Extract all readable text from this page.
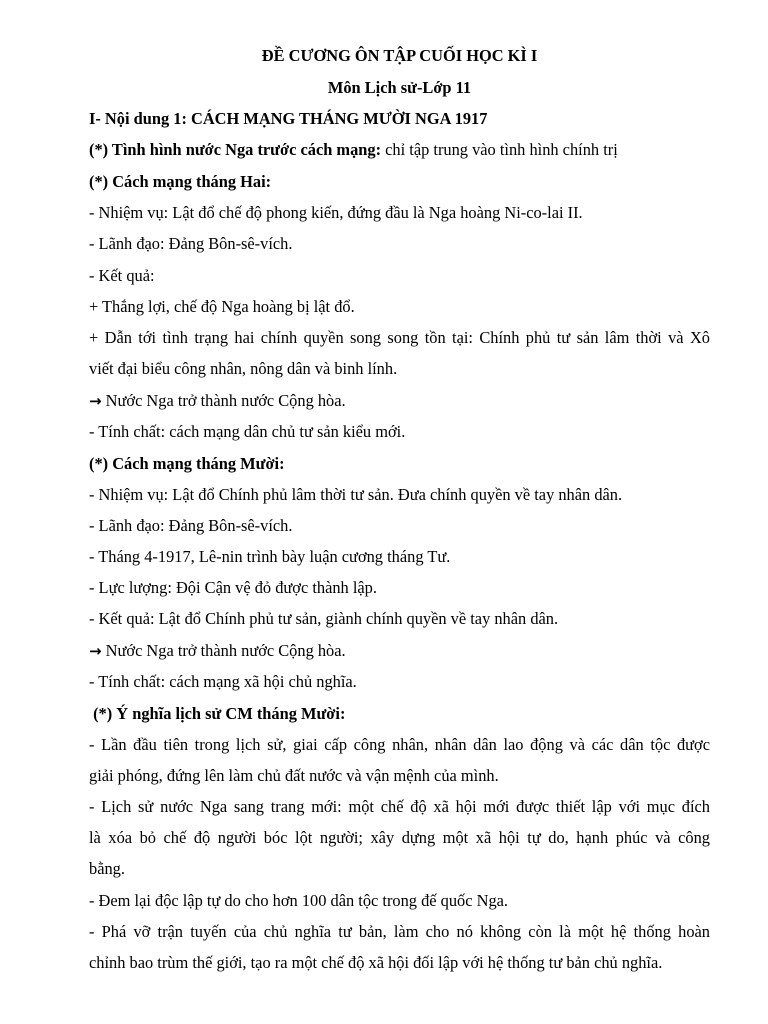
ĐỀ CƯƠNG ÔN TẬP CUỐI HỌC KÌ I
Môn Lịch sử-Lớp 11
I- Nội dung 1: CÁCH MẠNG THÁNG MƯỜI NGA 1917
(*) Tình hình nước Nga trước cách mạng: chỉ tập trung vào tình hình chính trị
(*) Cách mạng tháng Hai:
- Nhiệm vụ: Lật đổ chế độ phong kiến, đứng đầu là Nga hoàng Ni-co-lai II.
- Lãnh đạo: Đảng Bôn-sê-vích.
- Kết quả:
+ Thắng lợi, chế độ Nga hoàng bị lật đổ.
+ Dẫn tới tình trạng hai chính quyền song song tồn tại: Chính phủ tư sản lâm thời và Xô
viết đại biểu công nhân, nông dân và binh lính.
→ Nước Nga trở thành nước Cộng hòa.
- Tính chất: cách mạng dân chủ tư sản kiểu mới.
(*) Cách mạng tháng Mười:
- Nhiệm vụ: Lật đổ Chính phủ lâm thời tư sản. Đưa chính quyền về tay nhân dân.
- Lãnh đạo: Đảng Bôn-sê-vích.
- Tháng 4-1917, Lê-nin trình bày luận cương tháng Tư.
- Lực lượng: Đội Cận vệ đỏ được thành lập.
- Kết quả: Lật đổ Chính phủ tư sản, giành chính quyền về tay nhân dân.
→ Nước Nga trở thành nước Cộng hòa.
- Tính chất: cách mạng xã hội chủ nghĩa.
(*) Ý nghĩa lịch sử CM tháng Mười:
- Lần đầu tiên trong lịch sử, giai cấp công nhân, nhân dân lao động và các dân tộc được
giải phóng, đứng lên làm chủ đất nước và vận mệnh của mình.
- Lịch sử nước Nga sang trang mới: một chế độ xã hội mới được thiết lập với mục đích
là xóa bỏ chế độ người bóc lột người; xây dựng một xã hội tự do, hạnh phúc và công
bằng.
- Đem lại độc lập tự do cho hơn 100 dân tộc trong đế quốc Nga.
- Phá vỡ trận tuyến của chủ nghĩa tư bản, làm cho nó không còn là một hệ thống hoàn
chỉnh bao trùm thế giới, tạo ra một chế độ xã hội đối lập với hệ thống tư bản chủ nghĩa.
